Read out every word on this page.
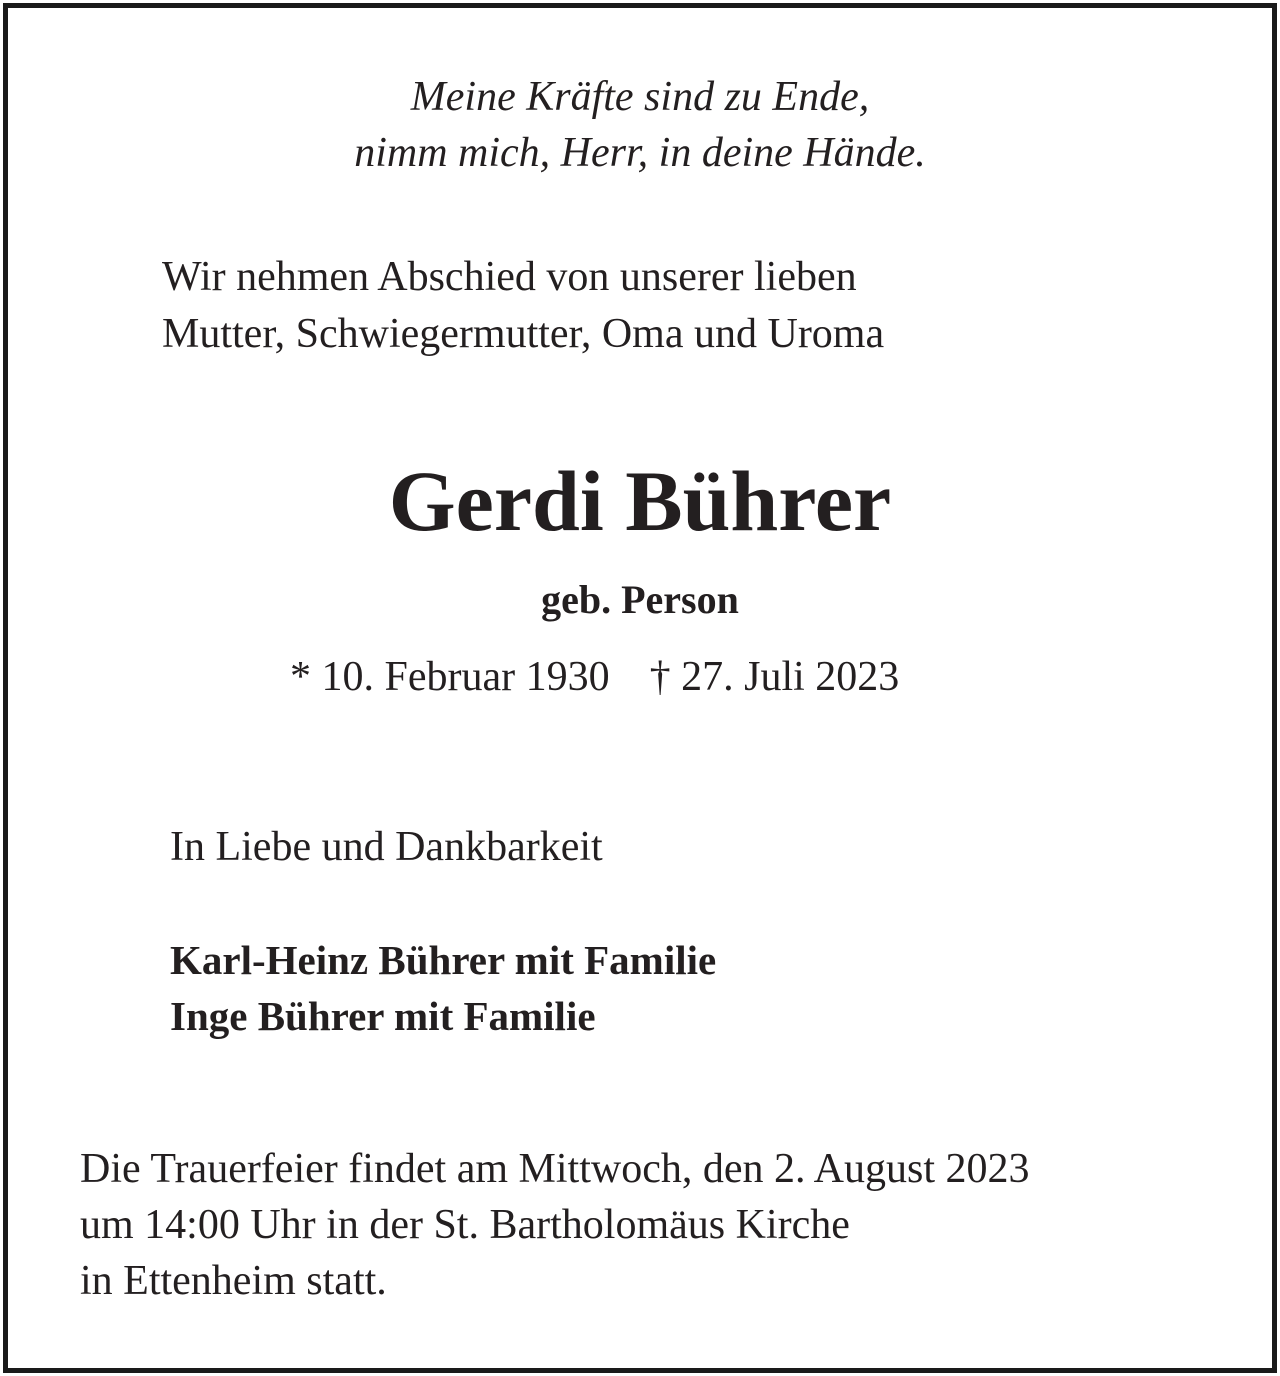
Meine Kräfte sind zu Ende,

nimm mich, Herr, in deine Hände.

Wir nehmen Abschied von unserer lieben

Mutter, Schwiegermutter, Oma und Uroma

Gerdi Bührer

geb. Person

* 10. Februar 1930 † 27. Juli 2023

In Liebe und Dankbarkeit

Karl-Heinz Bührer mit Familie

Inge Bührer mit Familie

Die Trauerfeier findet am Mittwoch, den 2. August 2023

um 14:00 Uhr in der St. Bartholomäus Kirche

in Ettenheim statt.
